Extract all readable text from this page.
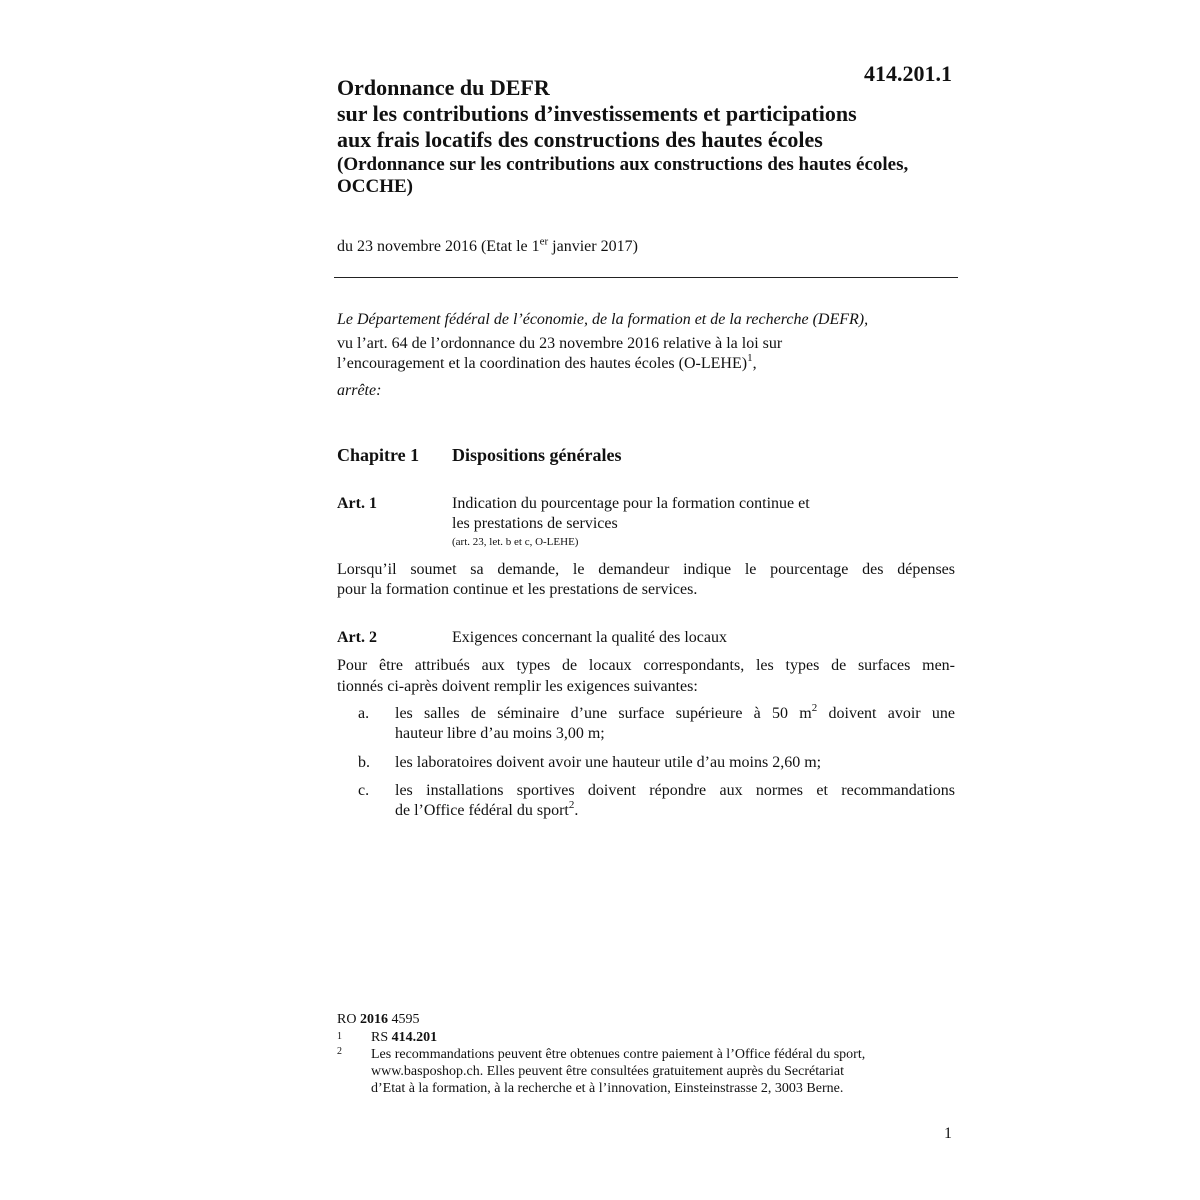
414.201.1
Ordonnance du DEFR
sur les contributions d’investissements et participations
aux frais locatifs des constructions des hautes écoles
(Ordonnance sur les contributions aux constructions des hautes écoles,
OCCHE)
du 23 novembre 2016 (Etat le 1er janvier 2017)
Le Département fédéral de l’économie, de la formation et de la recherche (DEFR),
vu l’art. 64 de l’ordonnance du 23 novembre 2016 relative à la loi sur
l’encouragement et la coordination des hautes écoles (O-LEHE)$^1$,
arrête:
Chapitre 1 Dispositions générales
Art. 1	Indication du pourcentage pour la formation continue et
les prestations de services
(art. 23, let. b et c, O-LEHE)
Lorsqu’il soumet sa demande, le demandeur indique le pourcentage des dépenses
pour la formation continue et les prestations de services.
Art. 2	Exigences concernant la qualité des locaux
Pour être attribués aux types de locaux correspondants, les types de surfaces men-
tionnés ci-après doivent remplir les exigences suivantes:
a. les salles de séminaire d’une surface supérieure à 50 m$^2$ doivent avoir une
hauteur libre d’au moins 3,00 m;
b. les laboratoires doivent avoir une hauteur utile d’au moins 2,60 m;
c. les installations sportives doivent répondre aux normes et recommandations
de l’Office fédéral du sport$^2$.
RO 2016 4595
1 RS 414.201
2 Les recommandations peuvent être obtenues contre paiement à l’Office fédéral du sport,
www.basposhop.ch. Elles peuvent être consultées gratuitement auprès du Secrétariat
d’Etat à la formation, à la recherche et à l’innovation, Einsteinstrasse 2, 3003 Berne.
1
